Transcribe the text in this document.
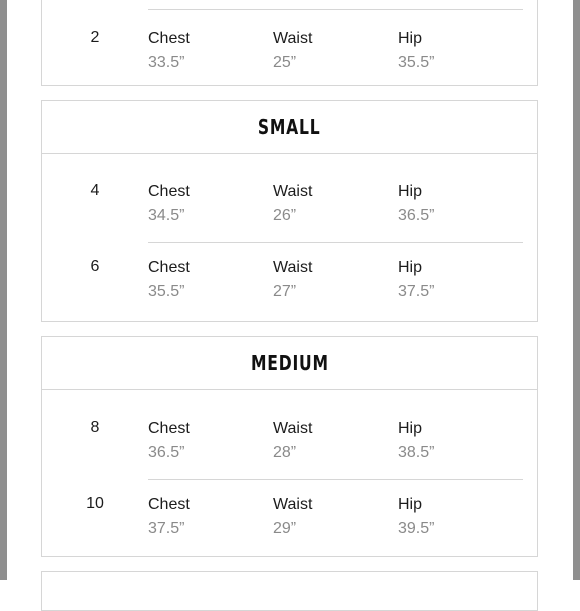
2	Chest
33.5”
Waist
25”
Hip
35.5”
SMALL
4	Chest
34.5”
Waist
26”
Hip
36.5”
6	Chest
35.5”
Waist
27”
Hip
37.5”
MEDIUM
8	Chest
36.5”
Waist
28”
Hip
38.5”
10	Chest
37.5”
Waist
29”
Hip
39.5”
